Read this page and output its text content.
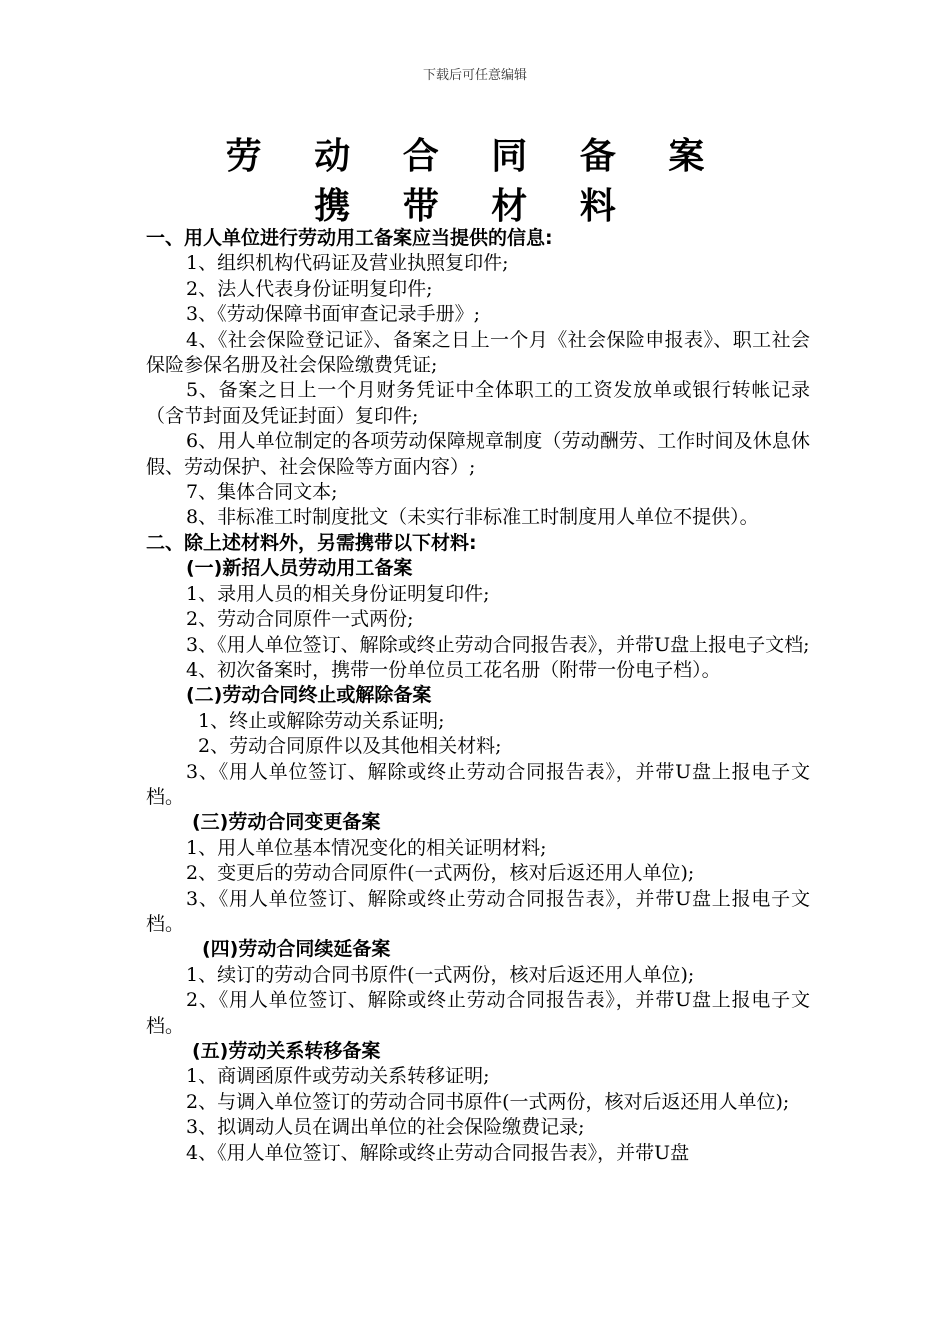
下载后可任意编辑
劳 动 合 同 备 案
携 带 材 料

一、用人单位进行劳动用工备案应当提供的信息:

1、组织机构代码证及营业执照复印件;

2、法人代表身份证明复印件;

3、《劳动保障书面审查记录手册》;

4、《社会保险登记证》、备案之日上一个月《社会保险申报表》、职工社会保险参保名册及社会保险缴费凭证;

5、备案之日上一个月财务凭证中全体职工的工资发放单或银行转帐记录（含节封面及凭证封面）复印件;

6、用人单位制定的各项劳动保障规章制度（劳动酬劳、工作时间及休息休假、劳动保护、社会保险等方面内容）;

7、集体合同文本;

8、非标准工时制度批文（未实行非标准工时制度用人单位不提供）。

二、除上述材料外，另需携带以下材料:

(一)新招人员劳动用工备案

1、录用人员的相关身份证明复印件;

2、劳动合同原件一式两份;

3、《用人单位签订、解除或终止劳动合同报告表》，并带U盘上报电子文档;

4、初次备案时，携带一份单位员工花名册（附带一份电子档）。

(二)劳动合同终止或解除备案

1、终止或解除劳动关系证明;

2、劳动合同原件以及其他相关材料;

3、《用人单位签订、解除或终止劳动合同报告表》，并带U盘上报电子文档。

(三)劳动合同变更备案

1、用人单位基本情况变化的相关证明材料;

2、变更后的劳动合同原件(一式两份，核对后返还用人单位);

3、《用人单位签订、解除或终止劳动合同报告表》，并带U盘上报电子文档。

(四)劳动合同续延备案

1、续订的劳动合同书原件(一式两份，核对后返还用人单位);

2、《用人单位签订、解除或终止劳动合同报告表》，并带U盘上报电子文档。

(五)劳动关系转移备案

1、商调函原件或劳动关系转移证明;

2、与调入单位签订的劳动合同书原件(一式两份，核对后返还用人单位);

3、拟调动人员在调出单位的社会保险缴费记录;

4、《用人单位签订、解除或终止劳动合同报告表》，并带U盘
